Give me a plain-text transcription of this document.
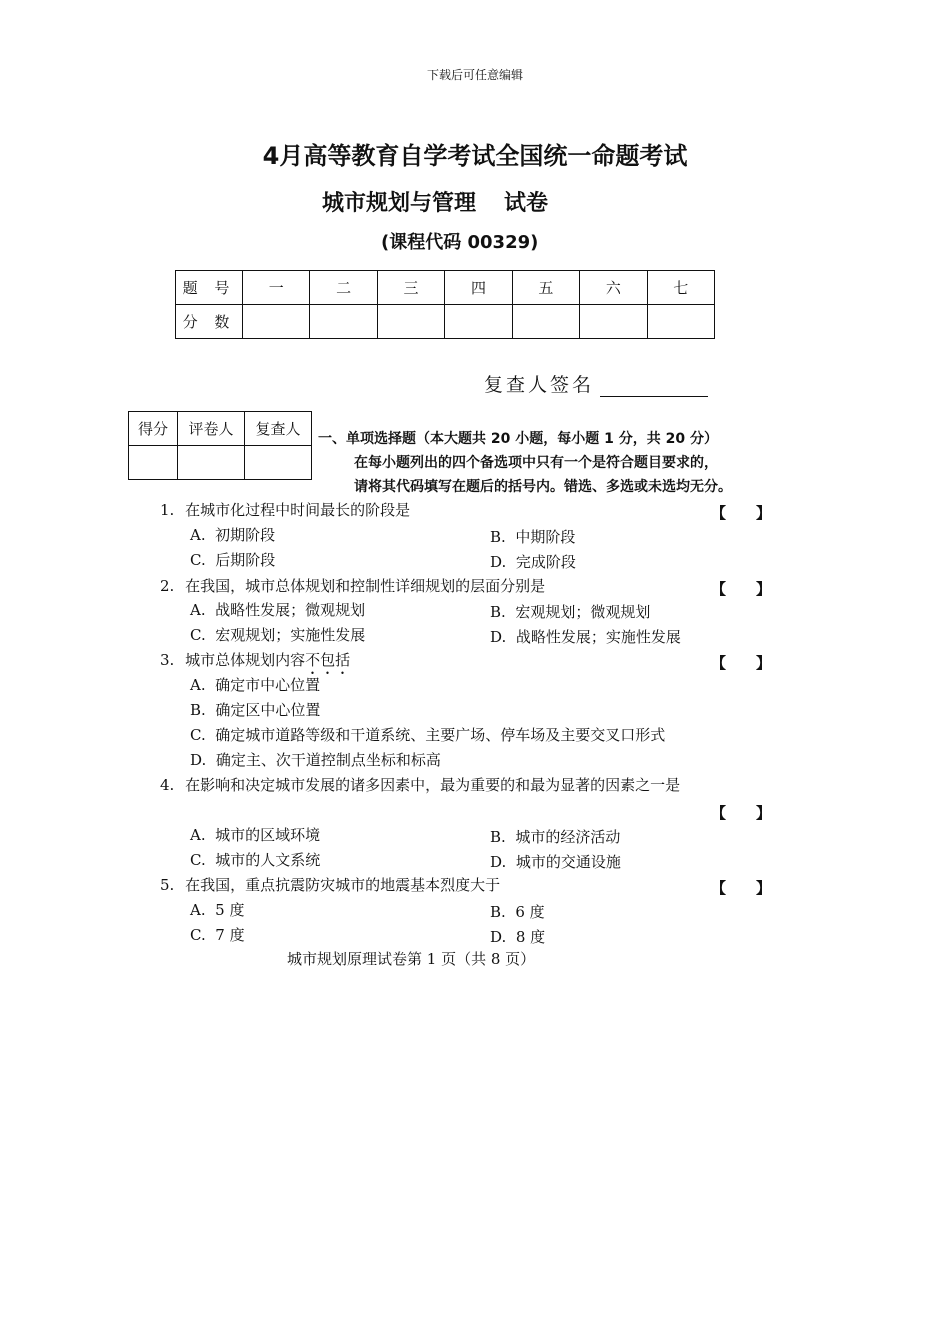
下载后可任意编辑
4月高等教育自学考试全国统一命题考试
城市规划与管理 试卷
(课程代码 00329)
题 号	一	二	三	四	五	六	七
分 数							
复查人签名
得分	评卷人	复查人

一、单项选择题（本大题共 20 小题，每小题 1 分，共 20 分）
在每小题列出的四个备选项中只有一个是符合题目要求的，
请将其代码填写在题后的括号内。错选、多选或未选均无分。
1. 在城市化过程中时间最长的阶段是	【　　】
A. 初期阶段	B. 中期阶段
C. 后期阶段	D. 完成阶段
2. 在我国，城市总体规划和控制性详细规划的层面分别是	【　　】
A. 战略性发展；微观规划	B. 宏观规划；微观规划
C. 宏观规划；实施性发展	D. 战略性发展；实施性发展
3. 城市总体规划内容不包括	【　　】
A. 确定市中心位置
B. 确定区中心位置
C. 确定城市道路等级和干道系统、主要广场、停车场及主要交叉口形式
D. 确定主、次干道控制点坐标和标高
4. 在影响和决定城市发展的诸多因素中，最为重要的和最为显著的因素之一是
【　　】
A. 城市的区域环境	B. 城市的经济活动
C. 城市的人文系统	D. 城市的交通设施
5. 在我国，重点抗震防灾城市的地震基本烈度大于	【　　】
A. 5 度	B. 6 度
C. 7 度	D. 8 度
城市规划原理试卷第 1 页（共 8 页）
